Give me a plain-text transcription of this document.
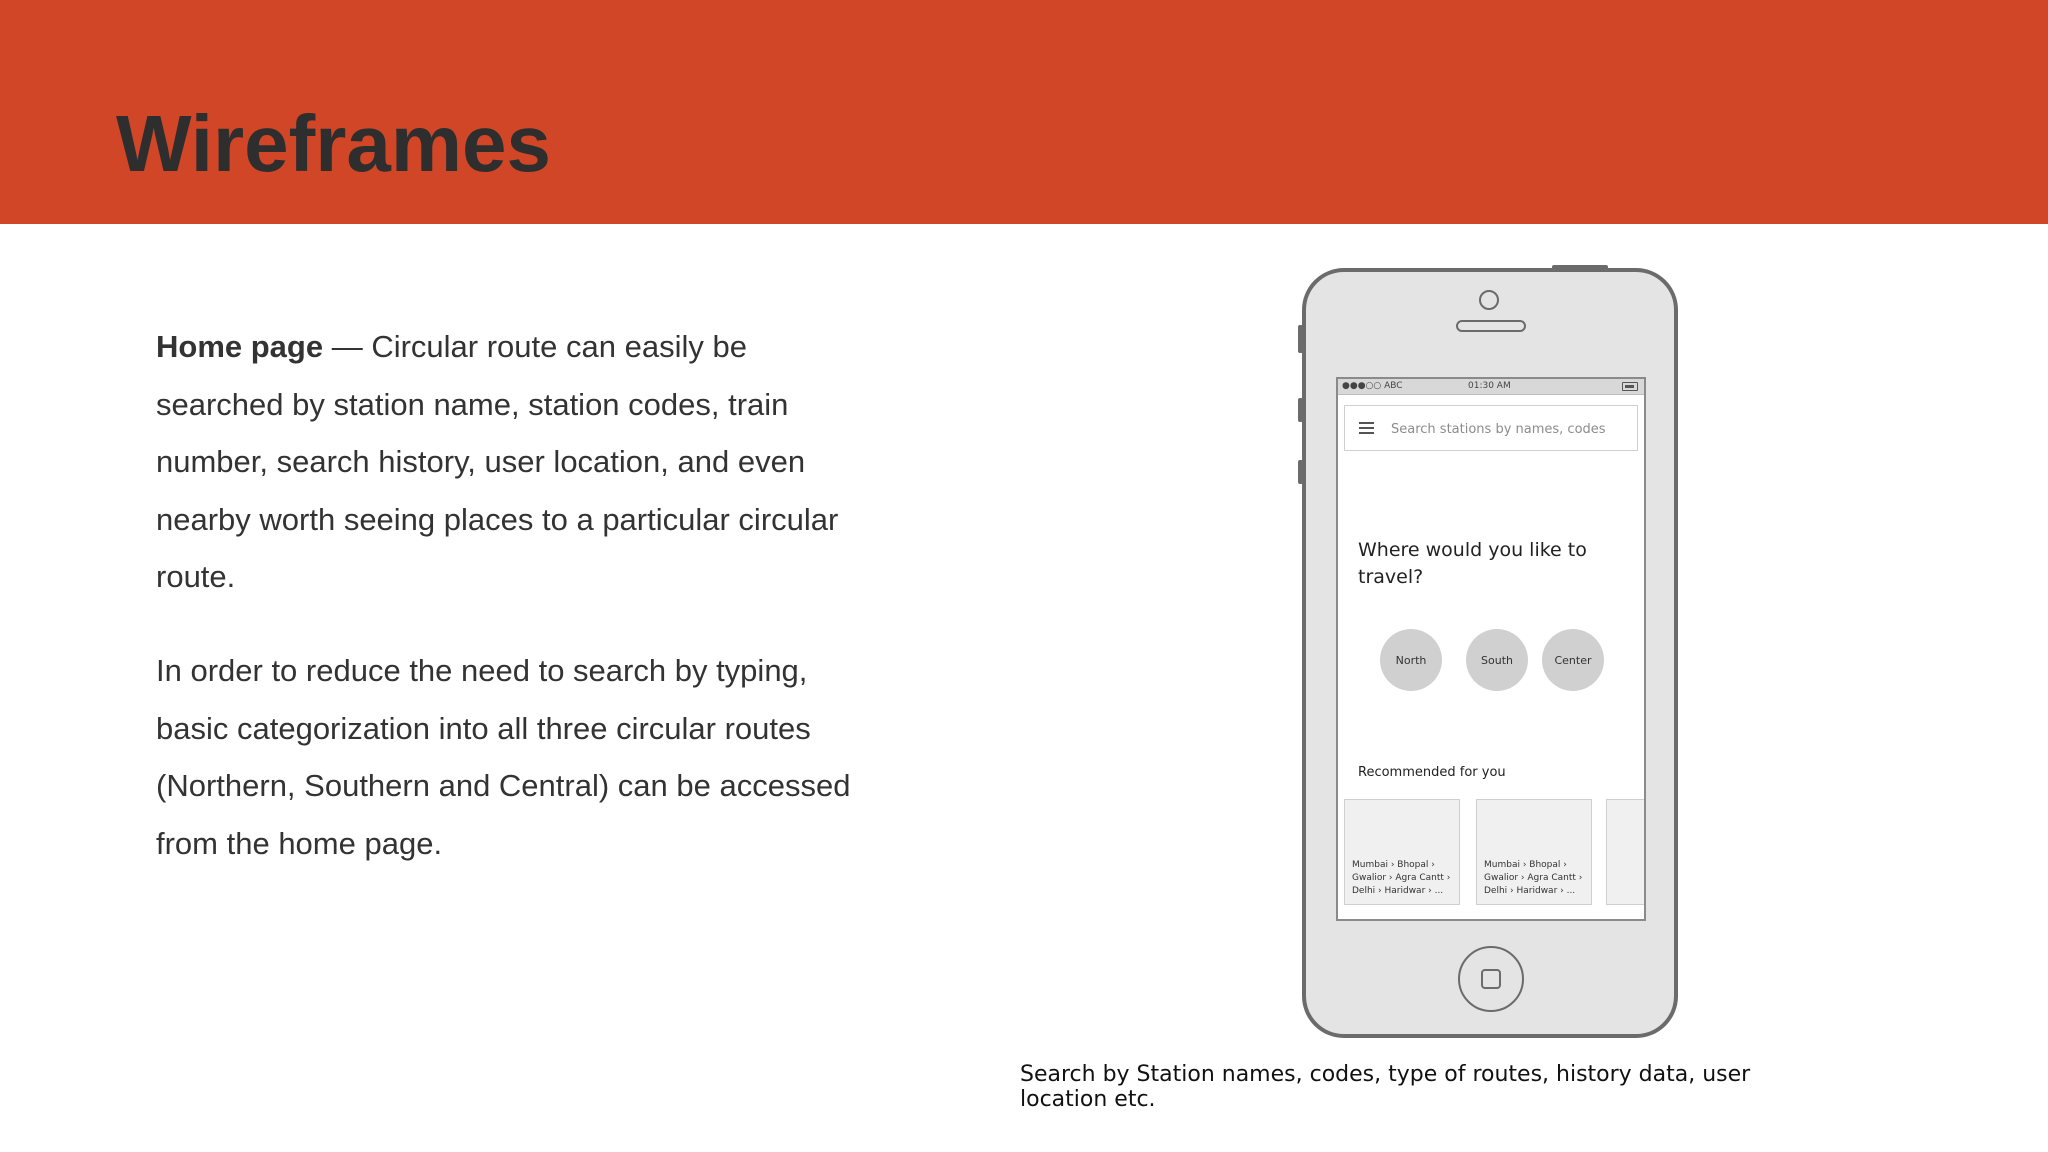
Wireframes

Home page — Circular route can easily be searched by station name, station codes, train number, search history, user location, and even nearby worth seeing places to a particular circular route.

In order to reduce the need to search by typing, basic categorization into all three circular routes (Northern, Southern and Central) can be accessed from the home page.

●●●○○ ABC	01:30 AM
Search stations by names, codes
Where would you like to travel?
North	South	Center
Recommended for you
Mumbai › Bhopal › Gwalior › Agra Cantt › Delhi › Haridwar › ...
Mumbai › Bhopal › Gwalior › Agra Cantt › Delhi › Haridwar › ...
Search by Station names, codes, type of routes, history data, user location etc.
